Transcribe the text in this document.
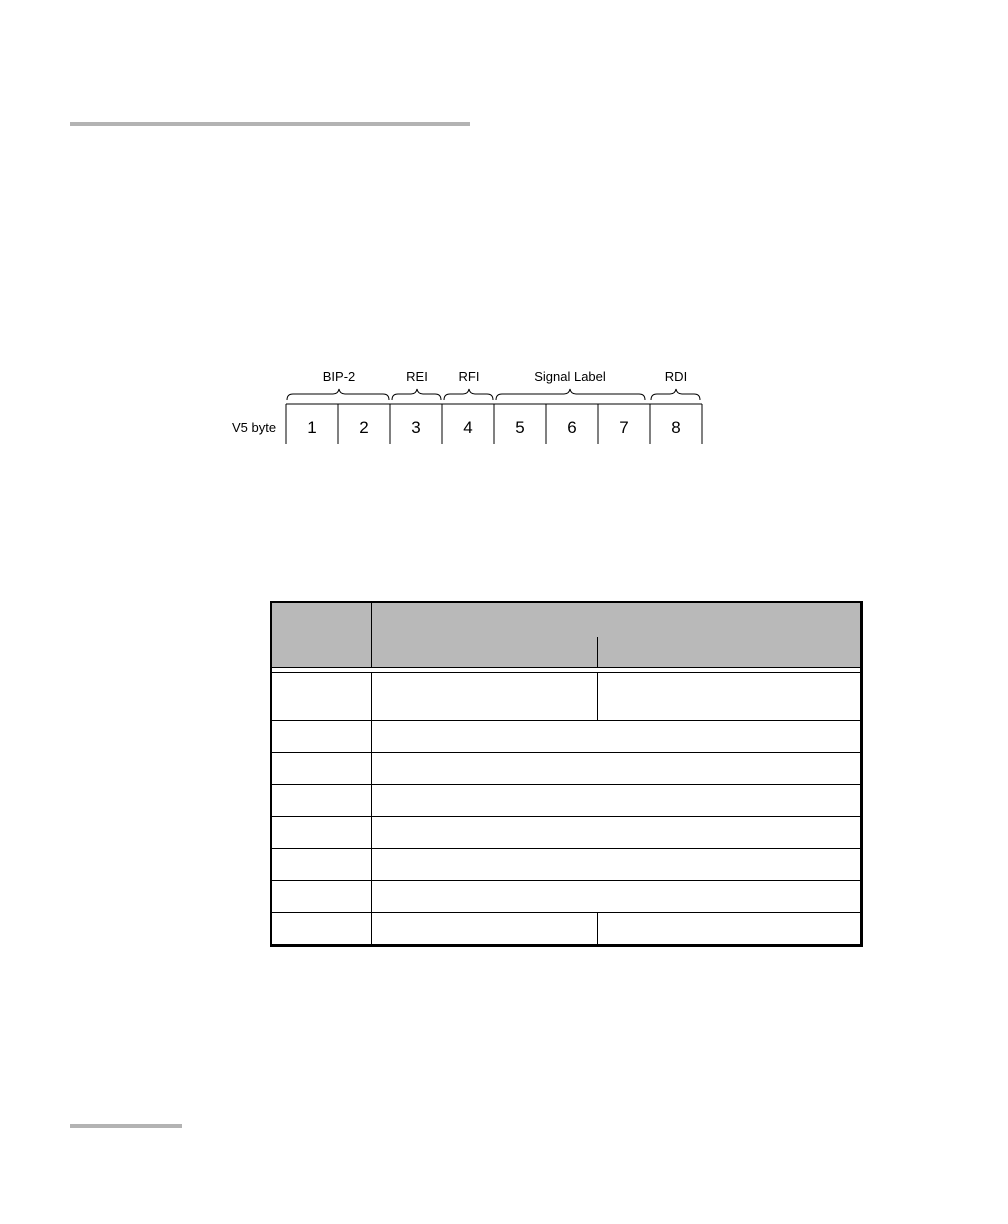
BIP-2	REI RFI	Signal Label	RDI
V5 byte 1	2	3	4	5	6	7	8
